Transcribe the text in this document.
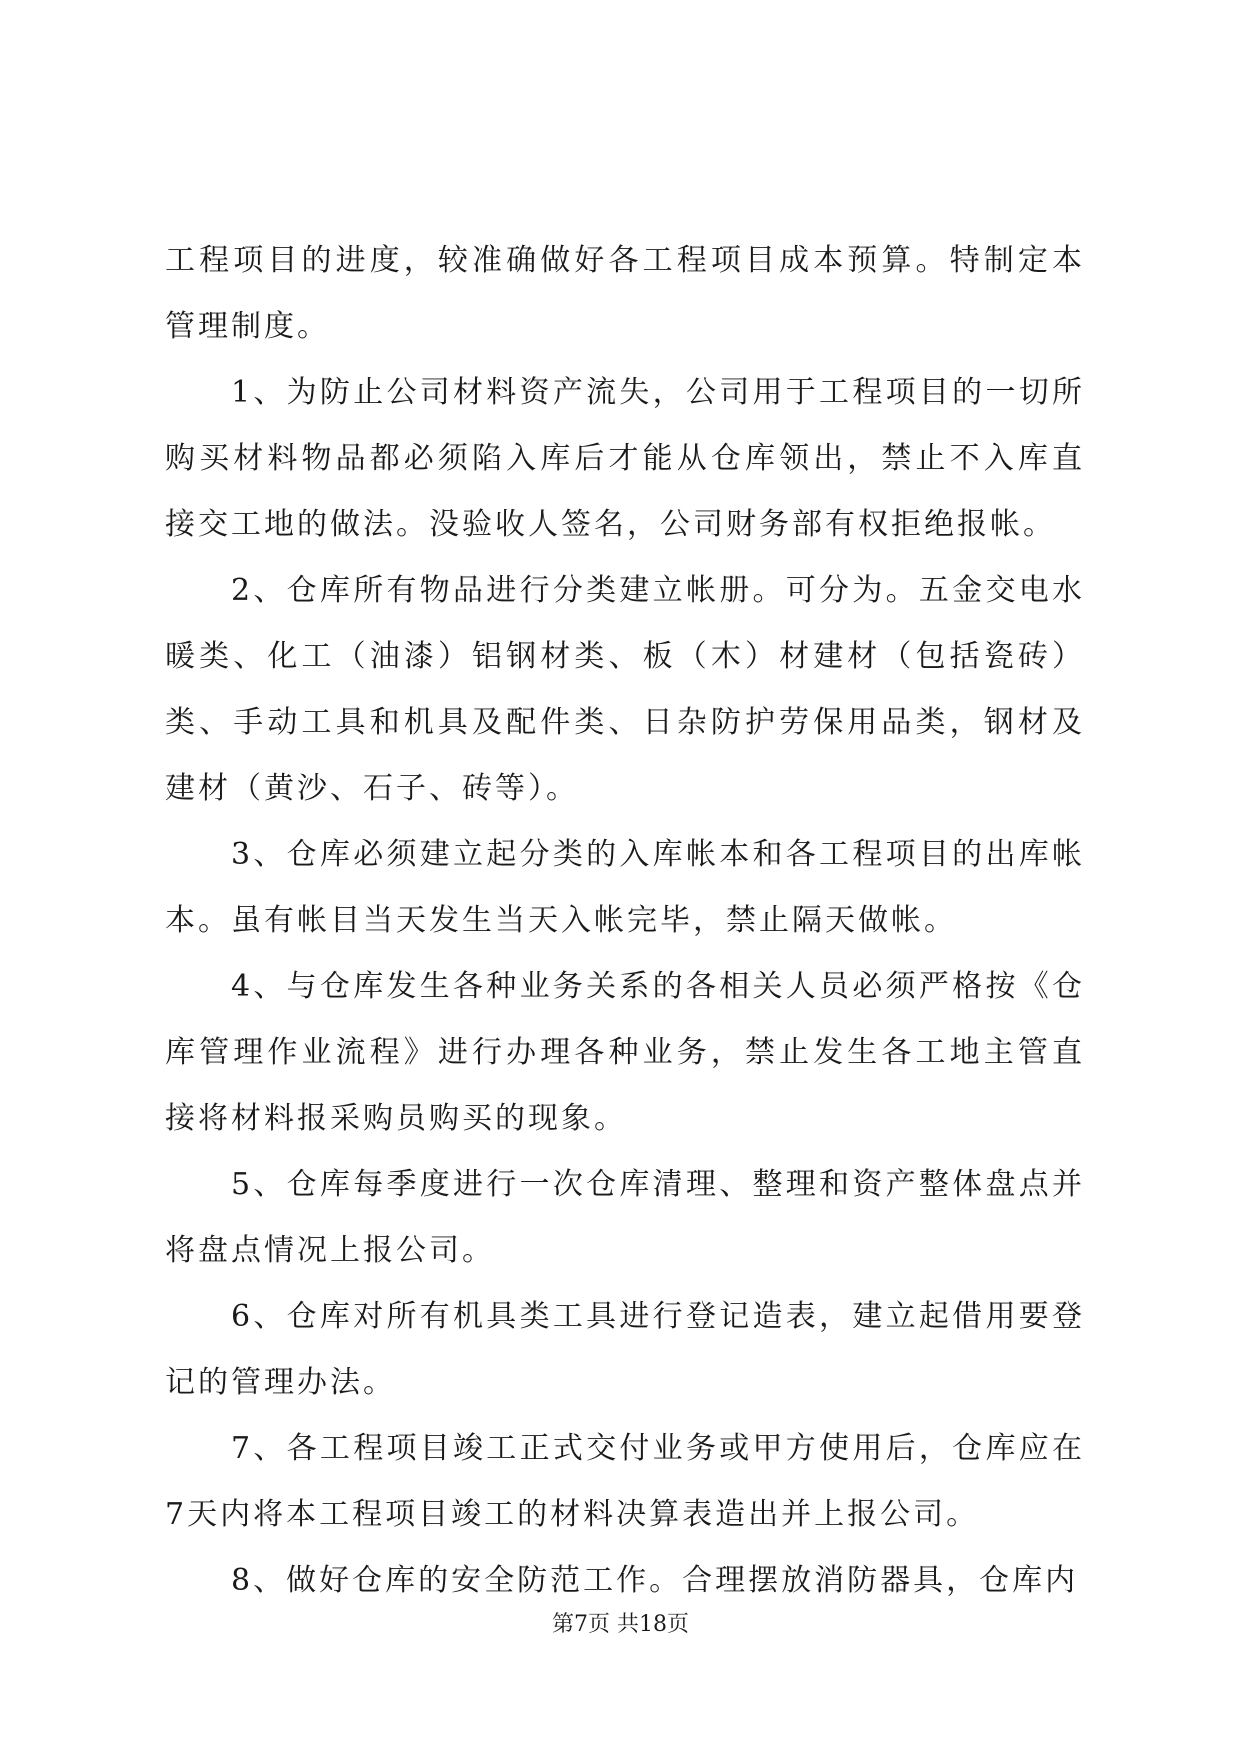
工程项目的进度，较准确做好各工程项目成本预算。特制定本管理制度。

1、为防止公司材料资产流失，公司用于工程项目的一切所购买材料物品都必须陷入库后才能从仓库领出，禁止不入库直接交工地的做法。没验收人签名，公司财务部有权拒绝报帐。

2、仓库所有物品进行分类建立帐册。可分为。五金交电水暖类、化工（油漆）铝钢材类、板（木）材建材（包括瓷砖）类、手动工具和机具及配件类、日杂防护劳保用品类，钢材及建材（黄沙、石子、砖等）。

3、仓库必须建立起分类的入库帐本和各工程项目的出库帐本。虽有帐目当天发生当天入帐完毕，禁止隔天做帐。

4、与仓库发生各种业务关系的各相关人员必须严格按《仓库管理作业流程》进行办理各种业务，禁止发生各工地主管直接将材料报采购员购买的现象。

5、仓库每季度进行一次仓库清理、整理和资产整体盘点并将盘点情况上报公司。

6、仓库对所有机具类工具进行登记造表，建立起借用要登记的管理办法。

7、各工程项目竣工正式交付业务或甲方使用后，仓库应在7天内将本工程项目竣工的材料决算表造出并上报公司。

8、做好仓库的安全防范工作。合理摆放消防器具，仓库内

第7页 共18页
